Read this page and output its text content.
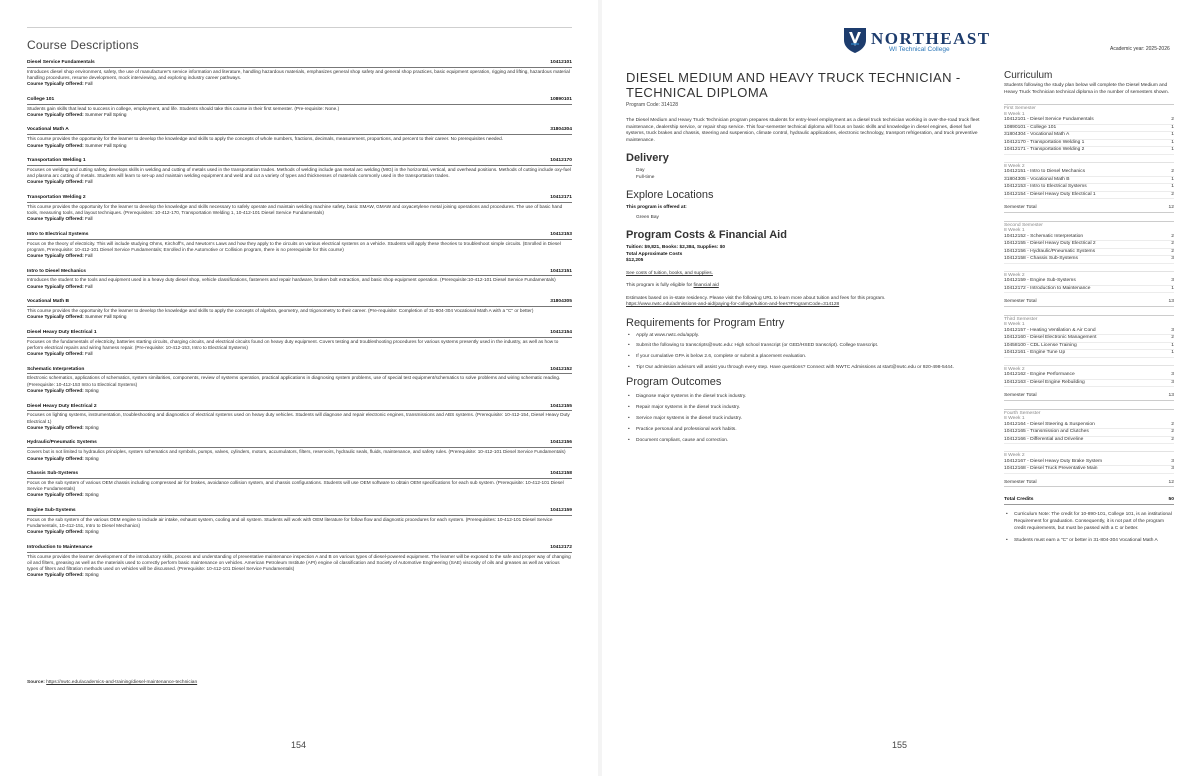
Course Descriptions
Diesel Service Fundamentals	10412101
Introduces diesel shop environment, safety, the use of manufacturer's service information and literature, handling hazardous materials, emphasizes general shop safety and general shop practices, basic equipment operation, rigging and lifting, hazardous material handling procedures, resume development, mock interviewing, and exploring industry career pathways.
Course Typically Offered: Fall
College 101	10890101
Students gain skills that lead to success in college, employment, and life. Students should take this course in their first semester. (Pre-requisite: None.)
Course Typically Offered: Summer Fall Spring
Vocational Math A	31804304
This course provides the opportunity for the learner to develop the knowledge and skills to apply the concepts of whole numbers, fractions, decimals, measurement, proportions, and percent to their career. No prerequisites needed.
Course Typically Offered: Summer Fall Spring
Transportation Welding 1	10412170
Focuses on welding and cutting safety, develops skills in welding and cutting of metals used in the transportation trades. Methods of welding include gas metal arc welding (MIG) in the horizontal, vertical, and overhead positions. Methods of cutting include oxy-fuel and plasma arc cutting of metals. Students will learn to set-up and maintain welding equipment and weld and cut a variety of types and thicknesses of materials commonly used in the transportation trades.
Course Typically Offered: Fall
Transportation Welding 2	10412171
This course provides the opportunity for the learner to develop the knowledge and skills necessary to safely operate and maintain welding machine safety, basic SMAW, GMAW and oxyacetylene metal joining operations and procedures. The use of basic hand tools, measuring tools, and layout techniques. (Prerequisites: 10-412-170, Transportation Welding 1, 10-412-101 Diesel Service Fundamentals)
Course Typically Offered: Fall
Intro to Electrical Systems	10412153
Focus on the theory of electricity. This will include studying Ohms, Kirchoff's, and Newton's Laws and how they apply to the circuits on various electrical systems on a vehicle. Students will apply these theories to troubleshoot simple circuits. (Enrolled in Diesel program, Prerequisite: 10-412-101 Diesel Service Fundamentals; Enrolled in the Automotive or Collision program, there is no prerequisite for this course)
Course Typically Offered: Fall
Intro to Diesel Mechanics	10412151
Introduces the student to the tools and equipment used in a heavy duty diesel shop, vehicle classifications, fasteners and repair hardware, broken bolt extraction, and basic shop equipment operation. (Prerequisite:10-412-101 Diesel Service Fundamentals)
Course Typically Offered: Fall
Vocational Math B	31804305
This course provides the opportunity for the learner to develop the knowledge and skills to apply the concepts of algebra, geometry, and trigonometry to their career. (Pre-requisite: Completion of 31-804-304 Vocational Math A with a "C" or better)
Course Typically Offered: Summer Fall Spring
Diesel Heavy Duty Electrical 1	10412154
Focuses on the fundamentals of electricity, batteries starting circuits, charging circuits, and electrical circuits found on heavy duty equipment. Covers testing and troubleshooting procedures for various systems presently used in the industry, as well as how to perform electrical repairs and wiring harness repair. (Pre-requisite: 10-412-153, Intro to Electrical Systems)
Course Typically Offered: Fall
Schematic Interpretation	10412152
Electronic schematics, applications of schematics, system similarities, components, review of systems operation, practical applications in diagnosing system problems, use of special test equipment/schematics to solve problems and wiring schematic reading. (Prerequisite: 10-412-153 Intro to Electrical Systems)
Course Typically Offered: Spring
Diesel Heavy Duty Electrical 2	10412155
Focuses on lighting systems, instrumentation, troubleshooting and diagnostics of electrical systems used on heavy duty vehicles. Students will diagnose and repair electronic engines, transmissions and ABS systems. (Prerequisite: 10-412-154, Diesel Heavy Duty Electrical 1)
Course Typically Offered: Spring
Hydraulic/Pneumatic Systems	10412156
Covers but is not limited to hydraulics principles, system schematics and symbols, pumps, valves, cylinders, motors, accumulators, filters, reservoirs, hydraulic seals, fluids, maintenance, and safety rules. (Prerequisite: 10-412-101 Diesel Service Fundamentals)
Course Typically Offered: Spring
Chassis Sub-Systems	10412158
Focus on the sub system of various OEM chassis including compressed air for brakes, avoidance collision system, and chassis configurations. Students will use OEM software to obtain OEM specifications for each sub system. (Prerequisite: 10-412-101 Diesel Service Fundamentals)
Course Typically Offered: Spring
Engine Sub-Systems	10412159
Focus on the sub system of the various OEM engine to include air intake, exhaust system, cooling and oil system. Students will work with OEM literature for follow flow and diagnostic procedures for each system. (Prerequisites: 10-412-101 Diesel Service Fundamentals, 10-412-151, Intro to Diesel Mechanics)
Course Typically Offered: Spring
Introduction to Maintenance	10412172
This course provides the learner development of the introductory skills, process and understanding of preventative maintenance inspection A and B on various types of diesel-powered equipment. The learner will be exposed to the safe and proper way of changing oil and filters, greasing as well as the materials used to correctly perform basic maintenance on vehicles. American Petroleum Institute (API) engine oil classification and Society of Automotive Engineering (SAE) viscosity of oils and greases as well as various types of filters and filtration methods used on vehicles will be discussed. (Prerequisite: 10-412-101 Diesel Service Fundamentals)
Course Typically Offered: Spring
Source: https://nwtc.edu/academics-and-training/diesel-maintenance-technician
154
NORTHEAST
WI Technical College	Academic year: 2025-2026
DIESEL MEDIUM AND HEAVY TRUCK TECHNICIAN - TECHNICAL DIPLOMA
Program Code: 314128
The Diesel Medium and Heavy Truck Technician program prepares students for entry-level employment as a diesel truck technician working in over-the-road truck fleet maintenance, dealership service, or repair shop service. This four-semester technical diploma will focus on basic skills and knowledge in diesel engines, diesel fuel systems, truck brakes and chassis, steering and suspension, climate control, hydraulic applications, electronic technology, transport refrigeration, and truck preventive maintenance.
Delivery
Day
Full-time
Explore Locations
This program is offered at:
Green Bay
Program Costs & Financial Aid
Tuition: $9,821, Books: $2,384, Supplies: $0
Total Approximate Costs
$12,205
See costs of tuition, books, and supplies.
This program is fully eligible for financial aid
Estimates based on in-state residency. Please visit the following URL to learn more about tuition and fees for this program.
https://www.nwtc.edu/admissions-and-aid/paying-for-college/tuition-and-fees?ProgramCode=314128
Requirements for Program Entry
• Apply at www.nwtc.edu/apply.
• Submit the following to transcripts@nwtc.edu: High school transcript (or GED/HSED transcript). College transcript.
• If your cumulative GPA is below 2.6, complete or submit a placement evaluation.
• Tip! Our admission advisors will assist you through every step. Have questions? Connect with NWTC Admissions at start@nwtc.edu or 920-498-5444.
Program Outcomes
• Diagnose major systems in the diesel truck industry.
• Repair major systems in the diesel truck industry.
• Service major systems in the diesel truck industry.
• Practice personal and professional work habits.
• Document compliant, cause and correction.
Curriculum
Students following the study plan below will complete the Diesel Medium and Heavy Truck Technician technical diploma in the number of semesters shown.
First Semester
8 Week 1
10412101 - Diesel Service Fundamentals	2
10890101 - College 101	1
31804304 - Vocational Math A	1
10412170 - Transportation Welding 1	1
10412171 - Transportation Welding 2	1
8 Week 2
10412151 - Intro to Diesel Mechanics	2
31804305 - Vocational Math B	1
10412153 - Intro to Electrical Systems	1
10412154 - Diesel Heavy Duty Electrical 1	2
Semester Total	12
Second Semester
8 Week 1
10412152 - Schematic Interpretation	2
10412155 - Diesel Heavy Duty Electrical 2	2
10412156 - Hydraulic/Pneumatic Systems	2
10412158 - Chassis Sub-Systems	3
8 Week 2
10412159 - Engine Sub-Systems	3
10412172 - Introduction to Maintenance	1
Semester Total	13
Third Semester
8 Week 1
10412157 - Heating Ventilation & Air Cond	3
10412160 - Diesel Electronic Management	2
10458100 - CDL License Training	1
10412161 - Engine Tune Up	1
8 Week 2
10412162 - Engine Performance	3
10412163 - Diesel Engine Rebuilding	3
Semester Total	13
Fourth Semester
8 Week 1
10412164 - Diesel Steering & Suspension	2
10412165 - Transmission and Clutches	2
10412166 - Differential and Driveline	2
8 Week 2
10412167 - Diesel Heavy Duty Brake System	3
10412168 - Diesel Truck Preventative Main	3
Semester Total	12
Total Credits	50
• Curriculum Note: The credit for 10-890-101, College 101, is an institutional Requirement for graduation. Consequently, it is not part of the program credit requirements, but must be passed with a C or better.
• Students must earn a "C" or better in 31-804-304 Vocational Math A
155
